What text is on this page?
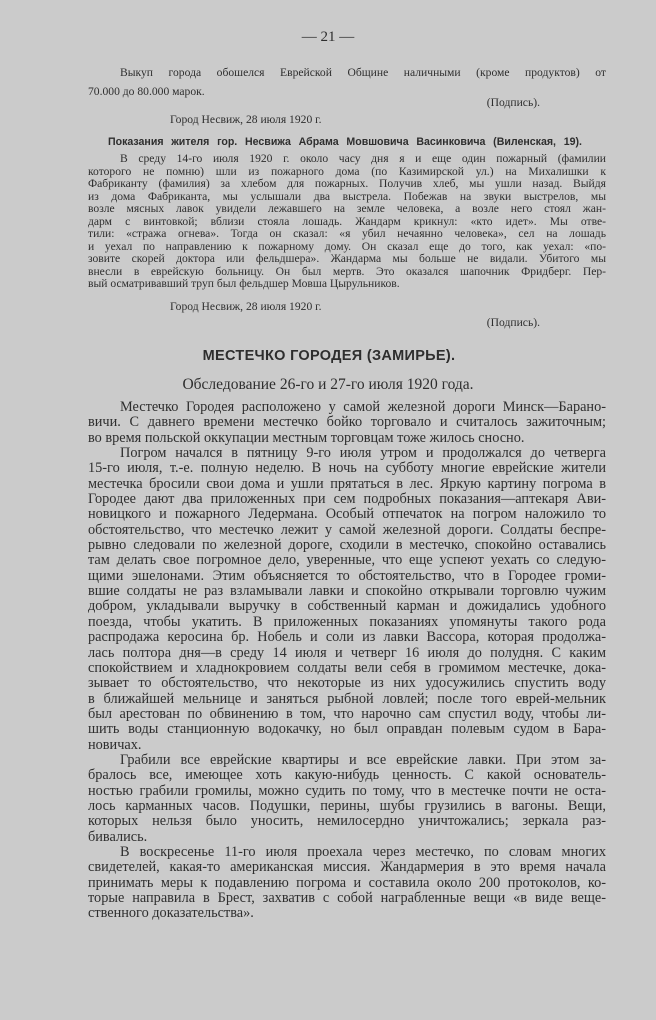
— 21 —
Выкуп города обошелся Еврейской Общине наличными (кроме продуктов) от
70.000 до 80.000 марок.
(Подпись).
Город Несвиж, 28 июля 1920 г.
Показания жителя гор. Несвижа Абрама Мовшовича Васинковича (Виленская, 19).
В среду 14-го июля 1920 г. около часу дня я и еще один пожарный (фамилии
которого не помню) шли из пожарного дома (по Казимирской ул.) на Михалишки к
Фабриканту (фамилия) за хлебом для пожарных. Получив хлеб, мы ушли назад. Выйдя
из дома Фабриканта, мы услышали два выстрела. Побежав на звуки выстрелов, мы
возле мясных лавок увидели лежавшего на земле человека, а возле него стоял жан-
дарм с винтовкой; вблизи стояла лошадь. Жандарм крикнул: «кто идет». Мы отве-
тили: «стража огнева». Тогда он сказал: «я убил нечаянно человека», сел на лошадь
и уехал по направлению к пожарному дому. Он сказал еще до того, как уехал: «по-
зовите скорей доктора или фельдшера». Жандарма мы больше не видали. Убитого мы
внесли в еврейскую больницу. Он был мертв. Это оказался шапочник Фридберг. Пер-
вый осматривавший труп был фельдшер Мовша Цырульников.
Город Несвиж, 28 июля 1920 г.
(Подпись).
МЕСТЕЧКО ГОРОДЕЯ (ЗАМИРЬЕ).
Обследование 26-го и 27-го июля 1920 года.
Местечко Городея расположено у самой железной дороги Минск—Барано-
вичи. С давнего времени местечко бойко торговало и считалось зажиточным;
во время польской оккупации местным торговцам тоже жилось сносно.
Погром начался в пятницу 9-го июля утром и продолжался до четверга
15-го июля, т.-е. полную неделю. В ночь на субботу многие еврейские жители
местечка бросили свои дома и ушли прятаться в лес. Яркую картину погрома в
Городее дают два приложенных при сем подробных показания—аптекаря Ави-
новицкого и пожарного Ледермана. Особый отпечаток на погром наложило то
обстоятельство, что местечко лежит у самой железной дороги. Солдаты беспре-
рывно следовали по железной дороге, сходили в местечко, спокойно оставались
там делать свое погромное дело, уверенные, что еще успеют уехать со следую-
щими эшелонами. Этим объясняется то обстоятельство, что в Городее громи-
вшие солдаты не раз взламывали лавки и спокойно открывали торговлю чужим
добром, укладывали выручку в собственный карман и дожидались удобного
поезда, чтобы укатить. В приложенных показаниях упомянуты такого рода
распродажа керосина бр. Нобель и соли из лавки Вассора, которая продолжа-
лась полтора дня—в среду 14 июля и четверг 16 июля до полудня. С каким
спокойствием и хладнокровием солдаты вели себя в громимом местечке, дока-
зывает то обстоятельство, что некоторые из них удосужились спустить воду
в ближайшей мельнице и заняться рыбной ловлей; после того еврей-мельник
был арестован по обвинению в том, что нарочно сам спустил воду, чтобы ли-
шить воды станционную водокачку, но был оправдан полевым судом в Бара-
новичах.
Грабили все еврейские квартиры и все еврейские лавки. При этом за-
бралось все, имеющее хоть какую-нибудь ценность. С какой основатель-
ностью грабили громилы, можно судить по тому, что в местечке почти не оста-
лось карманных часов. Подушки, перины, шубы грузились в вагоны. Вещи,
которых нельзя было уносить, немилосердно уничтожались; зеркала раз-
бивались.
В воскресенье 11-го июля проехала через местечко, по словам многих
свидетелей, какая-то американская миссия. Жандармерия в это время начала
принимать меры к подавлению погрома и составила около 200 протоколов, ко-
торые направила в Брест, захватив с собой награбленные вещи «в виде веще-
ственного доказательства».
